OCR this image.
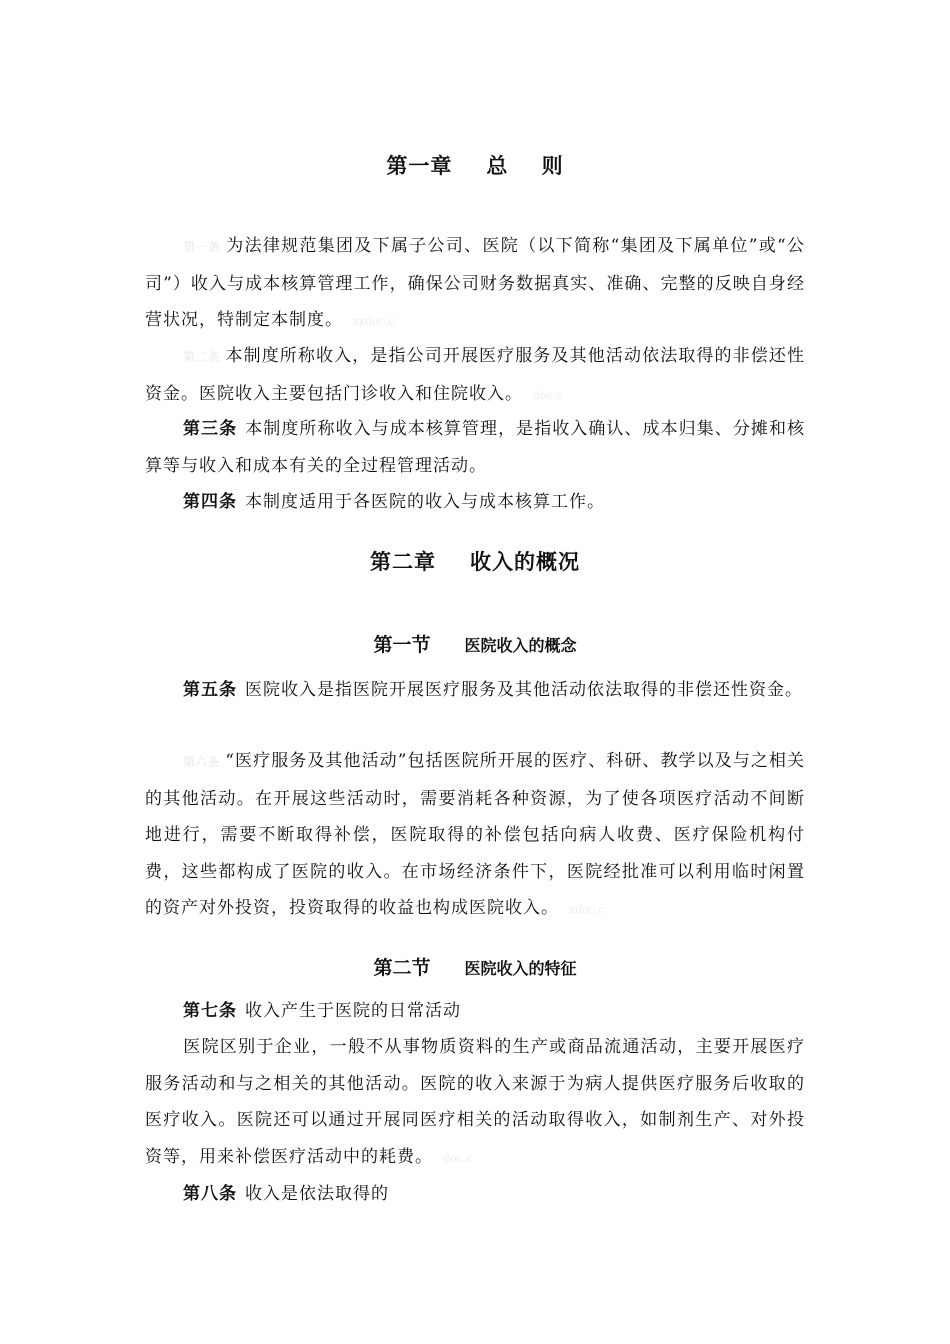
第一章 总    则

第一条 为法律规范集团及下属子公司、医院（以下简称“集团及下属单位”或“公司”）收入与成本核算管理工作，确保公司财务数据真实、准确、完整的反映自身经营状况，特制定本制度。 sxdoc.c

第二条 本制度所称收入，是指公司开展医疗服务及其他活动依法取得的非偿还性资金。医院收入主要包括门诊收入和住院收入。 doc.c

第三条 本制度所称收入与成本核算管理，是指收入确认、成本归集、分摊和核算等与收入和成本有关的全过程管理活动。

第四条 本制度适用于各医院的收入与成本核算工作。

第二章 收入的概况
第一节 医院收入的概念

第五条 医院收入是指医院开展医疗服务及其他活动依法取得的非偿还性资金。

第六条 “医疗服务及其他活动”包括医院所开展的医疗、科研、教学以及与之相关的其他活动。在开展这些活动时，需要消耗各种资源，为了使各项医疗活动不间断地进行，需要不断取得补偿，医院取得的补偿包括向病人收费、医疗保险机构付费，这些都构成了医院的收入。在市场经济条件下，医院经批准可以利用临时闲置的资产对外投资，投资取得的收益也构成医院收入。 xdoc.c

第二节 医院收入的特征

第七条 收入产生于医院的日常活动

医院区别于企业，一般不从事物质资料的生产或商品流通活动，主要开展医疗服务活动和与之相关的其他活动。医院的收入来源于为病人提供医疗服务后收取的医疗收入。医院还可以通过开展同医疗相关的活动取得收入，如制剂生产、对外投资等，用来补偿医疗活动中的耗费。 doc.c

第八条 收入是依法取得的
